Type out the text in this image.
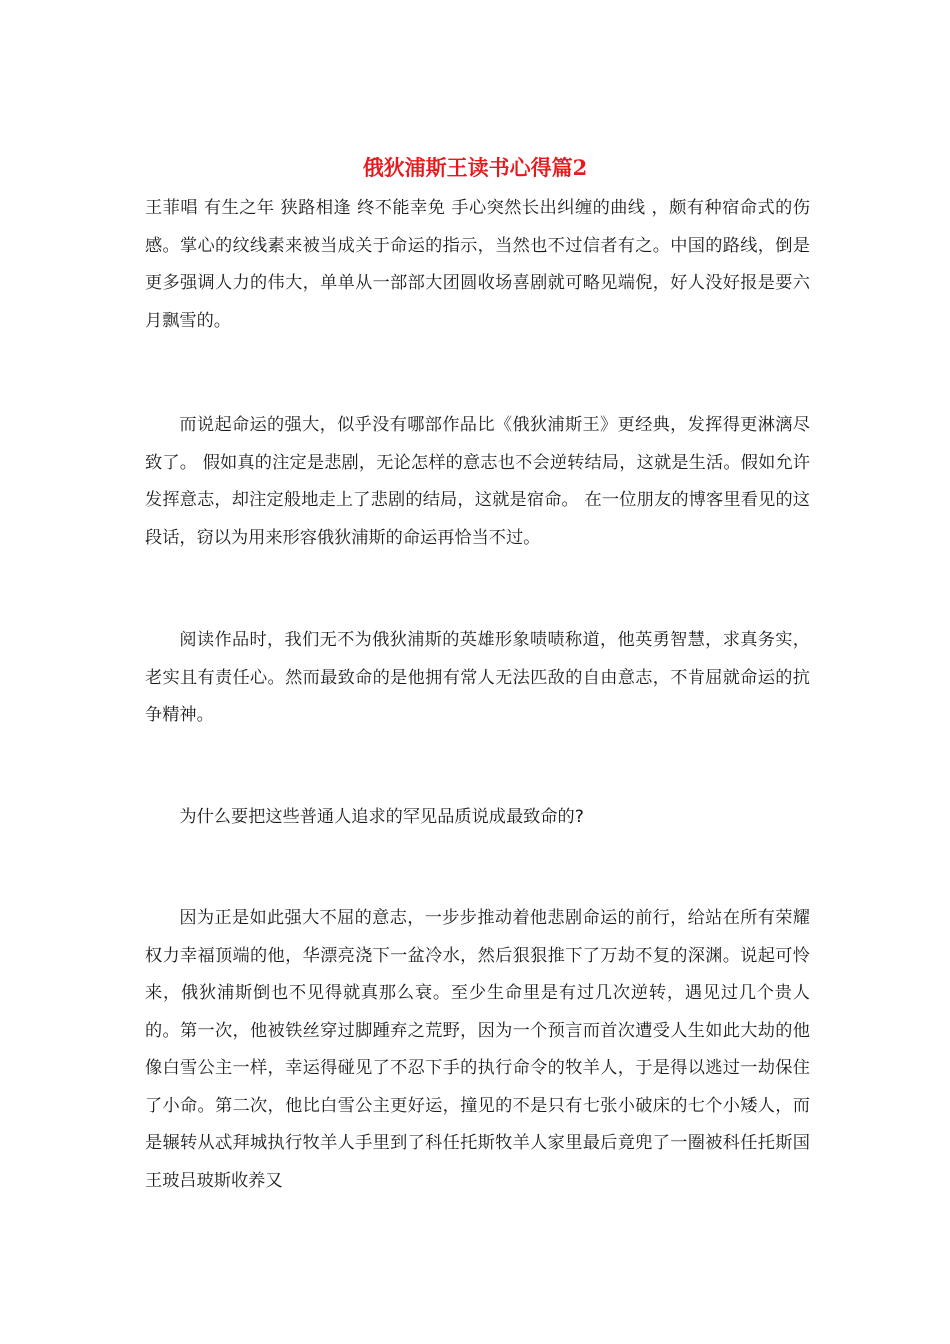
俄狄浦斯王读书心得篇2

王菲唱 有生之年 狭路相逢 终不能幸免 手心突然长出纠缠的曲线 ，颇有种宿命式的伤感。掌心的纹线素来被当成关于命运的指示，当然也不过信者有之。中国的路线，倒是更多强调人力的伟大，单单从一部部大团圆收场喜剧就可略见端倪，好人没好报是要六月飘雪的。

而说起命运的强大，似乎没有哪部作品比《俄狄浦斯王》更经典，发挥得更淋漓尽致了。 假如真的注定是悲剧，无论怎样的意志也不会逆转结局，这就是生活。假如允许发挥意志，却注定般地走上了悲剧的结局，这就是宿命。 在一位朋友的博客里看见的这段话，窃以为用来形容俄狄浦斯的命运再恰当不过。

阅读作品时，我们无不为俄狄浦斯的英雄形象啧啧称道，他英勇智慧，求真务实，老实且有责任心。然而最致命的是他拥有常人无法匹敌的自由意志，不肯屈就命运的抗争精神。

为什么要把这些普通人追求的罕见品质说成最致命的?

因为正是如此强大不屈的意志，一步步推动着他悲剧命运的前行，给站在所有荣耀权力幸福顶端的他，华漂亮浇下一盆冷水，然后狠狠推下了万劫不复的深渊。说起可怜来，俄狄浦斯倒也不见得就真那么衰。至少生命里是有过几次逆转，遇见过几个贵人的。第一次，他被铁丝穿过脚踵弃之荒野，因为一个预言而首次遭受人生如此大劫的他像白雪公主一样，幸运得碰见了不忍下手的执行命令的牧羊人，于是得以逃过一劫保住了小命。第二次，他比白雪公主更好运，撞见的不是只有七张小破床的七个小矮人，而是辗转从忒拜城执行牧羊人手里到了科任托斯牧羊人家里最后竟兜了一圈被科任托斯国王玻吕玻斯收养又
